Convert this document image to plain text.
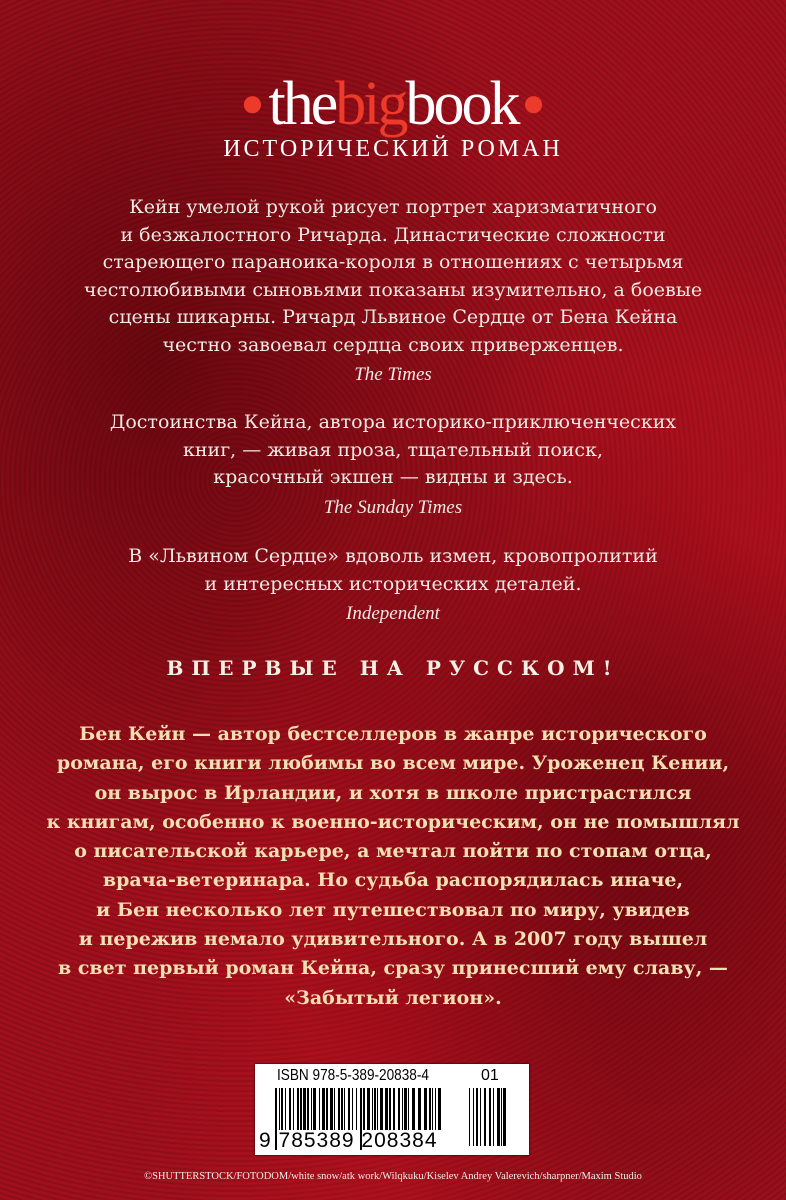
●thebigbook ●
ИСТОРИЧЕСКИЙ РОМАН
Кейн умелой рукой рисует портрет харизматичного
и безжалостного Ричарда. Династические сложности
стареющего параноика-короля в отношениях с четырьмя
честолюбивыми сыновьями показаны изумительно, а боевые
сцены шикарны. Ричард Львиное Сердце от Бена Кейна
честно завоевал сердца своих приверженцев.
The Times
Достоинства Кейна, автора историко-приключенческих
книг, — живая проза, тщательный поиск,
красочный экшен — видны и здесь.
The Sunday Times
В «Львином Сердце» вдоволь измен, кровопролитий
и интересных исторических деталей.
Independent
ВПЕРВЫЕ НА РУССКОМ!
Бен Кейн — автор бестселлеров в жанре исторического
романа, его книги любимы во всем мире. Уроженец Кении,
он вырос в Ирландии, и хотя в школе пристрастился
к книгам, особенно к военно-историческим, он не помышлял
о писательской карьере, а мечтал пойти по стопам отца,
врача-ветеринара. Но судьба распорядилась иначе,
и Бен несколько лет путешествовал по миру, увидев
и пережив немало удивительного. А в 2007 году вышел
в свет первый роман Кейна, сразу принесший ему славу, —
«Забытый легион».
ISBN 978-5-389-20838-4	01
9 785389 208384
©SHUTTERSTOCK/FOTODOM/white snow/atk work/Wilqkuku/Kiselev Andrey Valerevich/sharpner/Maxim Studio
